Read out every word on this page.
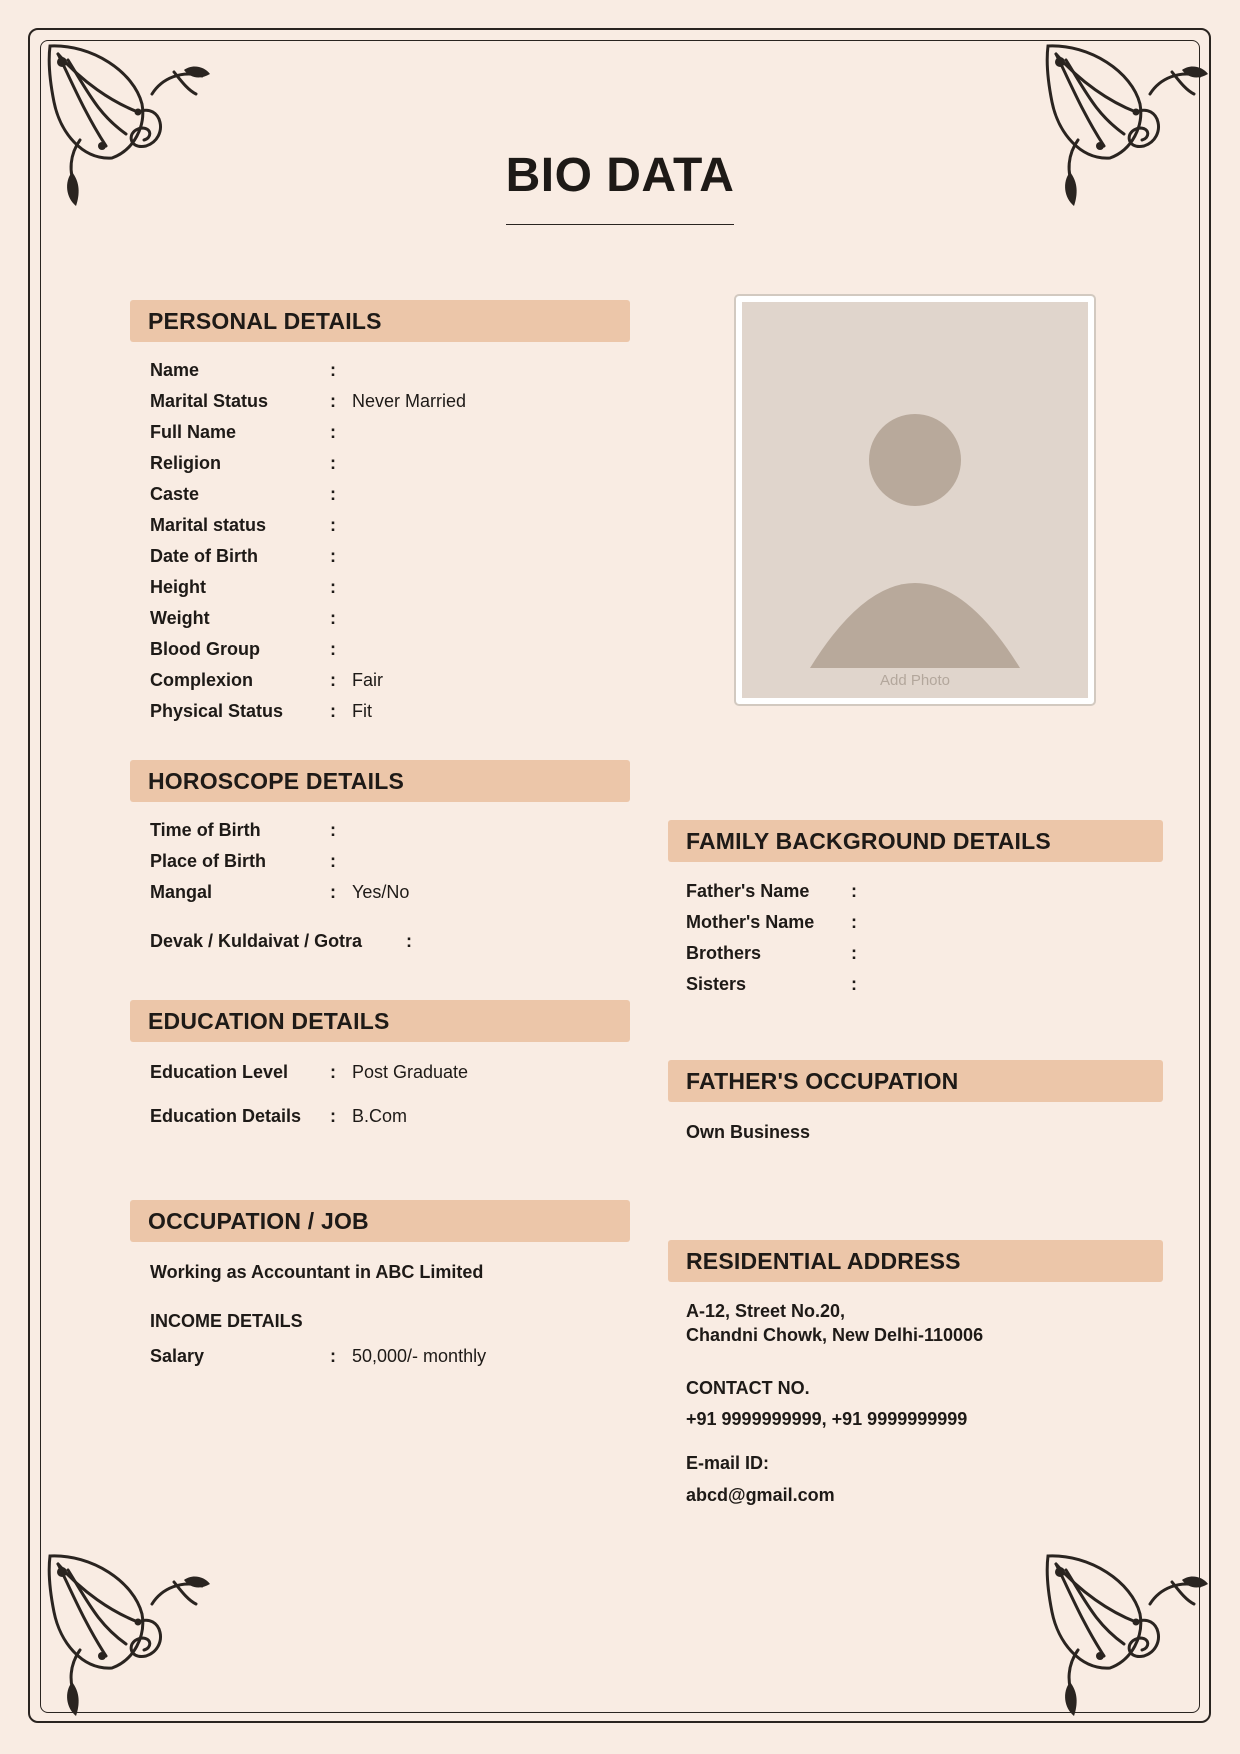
BIO DATA
Add Photo
PERSONAL DETAILS
Name	:
Marital Status	: Never Married
Full Name	:
Religion	:
Caste	:
Marital status	:
Date of Birth	:
Height	:
Weight	:
Blood Group	:
Complexion	: Fair
Physical Status	: Fit
HOROSCOPE DETAILS
Time of Birth	:
Place of Birth	:
Mangal	: Yes/No
Devak / Kuldaivat / Gotra :
EDUCATION DETAILS
Education Level : Post Graduate
Education Details : B.Com
OCCUPATION / JOB
Working as Accountant in ABC Limited
INCOME DETAILS
Salary	: 50,000/- monthly
FAMILY BACKGROUND DETAILS
Father's Name :
Mother's Name :
Brothers	:
Sisters	:
FATHER'S OCCUPATION
Own Business
RESIDENTIAL ADDRESS
A-12, Street No.20,
Chandni Chowk, New Delhi-110006
CONTACT NO.
+91 9999999999, +91 9999999999
E-mail ID:
abcd@gmail.com
